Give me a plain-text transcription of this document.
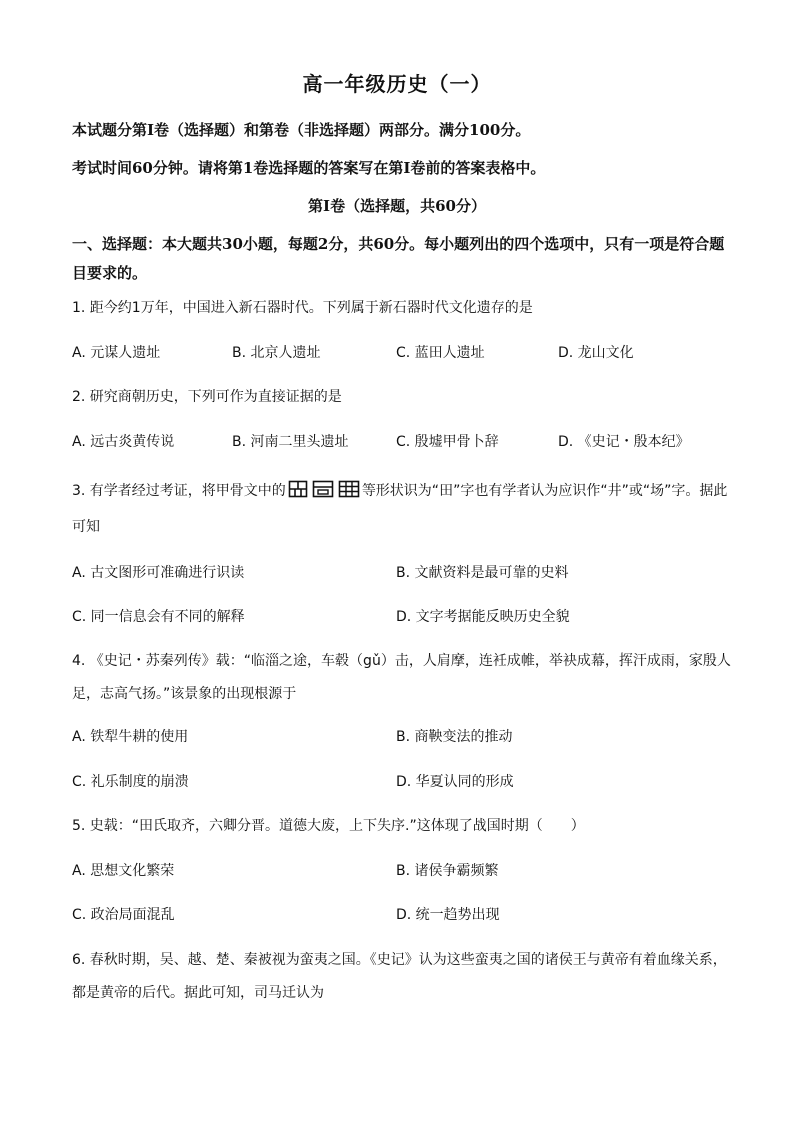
高一年级历史（一）
本试题分第Ⅰ卷（选择题）和第卷（非选择题）两部分。满分100分。
考试时间60分钟。请将第1卷选择题的答案写在第Ⅰ卷前的答案表格中。
第Ⅰ卷（选择题，共60分）
一、选择题：本大题共30小题，每题2分，共60分。每小题列出的四个选项中，只有一项是符合题目要求的。
1. 距今约1万年，中国进入新石器时代。下列属于新石器时代文化遗存的是
A. 元谋人遗址	B. 北京人遗址	C. 蓝田人遗址	D. 龙山文化
2. 研究商朝历史，下列可作为直接证据的是
A. 远古炎黄传说	B. 河南二里头遗址	C. 殷墟甲骨卜辞	D. 《史记・殷本纪》
3. 有学者经过考证，将甲骨文中的	等形状识为“田”字也有学者认为应识作“井”或“场”字。据此可知
A. 古文图形可准确进行识读	B. 文献资料是最可靠的史料
C. 同一信息会有不同的解释	D. 文字考据能反映历史全貌
4. 《史记・苏秦列传》载：“临淄之途，车毂（gǔ）击，人肩摩，连衽成帷，举袂成幕，挥汗成雨，家殷人足，志高气扬。”该景象的出现根源于
A. 铁犁牛耕的使用	B. 商鞅变法的推动
C. 礼乐制度的崩溃	D. 华夏认同的形成
5. 史载：“田氏取齐，六卿分晋。道德大废，上下失序.”这体现了战国时期（　　）
A. 思想文化繁荣	B. 诸侯争霸频繁
C. 政治局面混乱	D. 统一趋势出现
6. 春秋时期，吴、越、楚、秦被视为蛮夷之国。《史记》认为这些蛮夷之国的诸侯王与黄帝有着血缘关系，都是黄帝的后代。据此可知，司马迁认为
